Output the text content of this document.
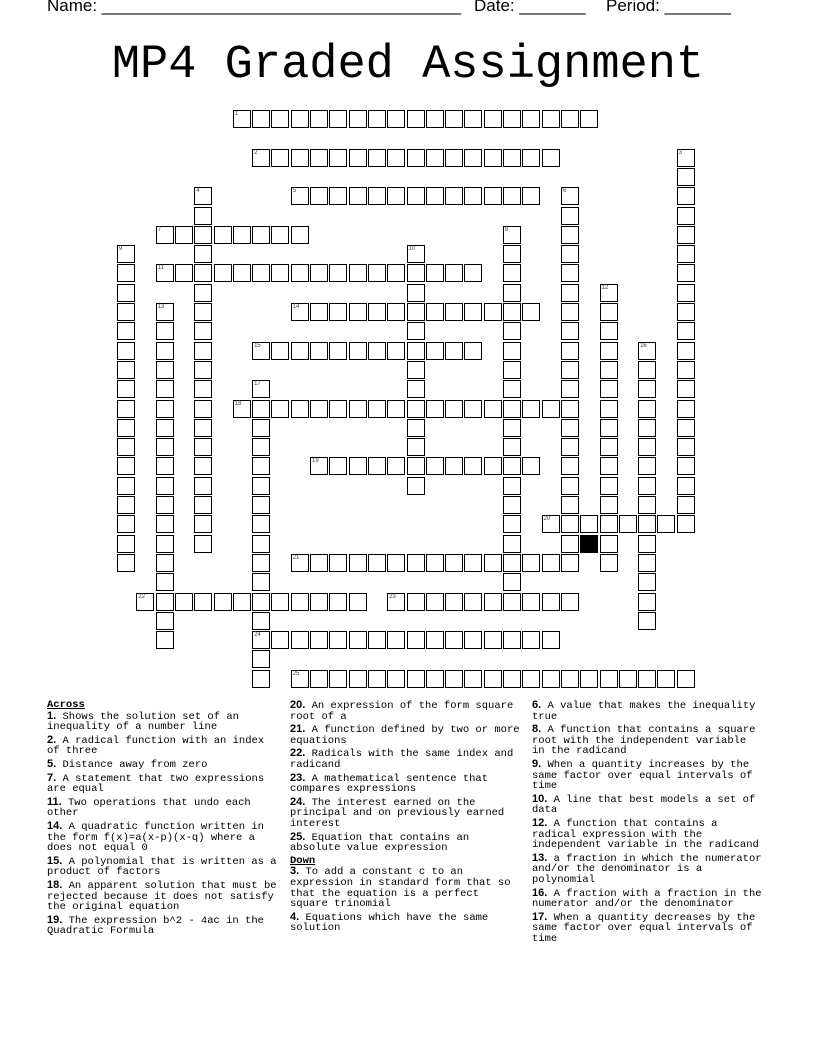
Name: ______________________________________ Date: _______ Period: _______
MP4 Graded Assignment
1
2	3
4	5	6
7	8
9	10
11
12
13	14
15	16
17
18
19
20
21
22	23
24
25
Across
1. Shows the solution set of an inequality of a number line
2. A radical function with an index of three
5. Distance away from zero
7. A statement that two expressions are equal
11. Two operations that undo each other
14. A quadratic function written in the form f(x)=a(x-p)(x-q) where a does not equal 0
15. A polynomial that is written as a product of factors
18. An apparent solution that must be rejected because it does not satisfy the original equation
19. The expression b^2 - 4ac in the Quadratic Formula
20. An expression of the form square root of a
21. A function defined by two or more equations
22. Radicals with the same index and radicand
23. A mathematical sentence that compares expressions
24. The interest earned on the principal and on previously earned interest
25. Equation that contains an absolute value expression
Down
3. To add a constant c to an expression in standard form that so that the equation is a perfect square trinomial
4. Equations which have the same solution
6. A value that makes the inequality true
8. A function that contains a square root with the independent variable in the radicand
9. When a quantity increases by the same factor over equal intervals of time
10. A line that best models a set of data
12. A function that contains a radical expression with the independent variable in the radicand
13. a fraction in which the numerator and/or the denominator is a polynomial
16. A fraction with a fraction in the numerator and/or the denominator
17. When a quantity decreases by the same factor over equal intervals of time
